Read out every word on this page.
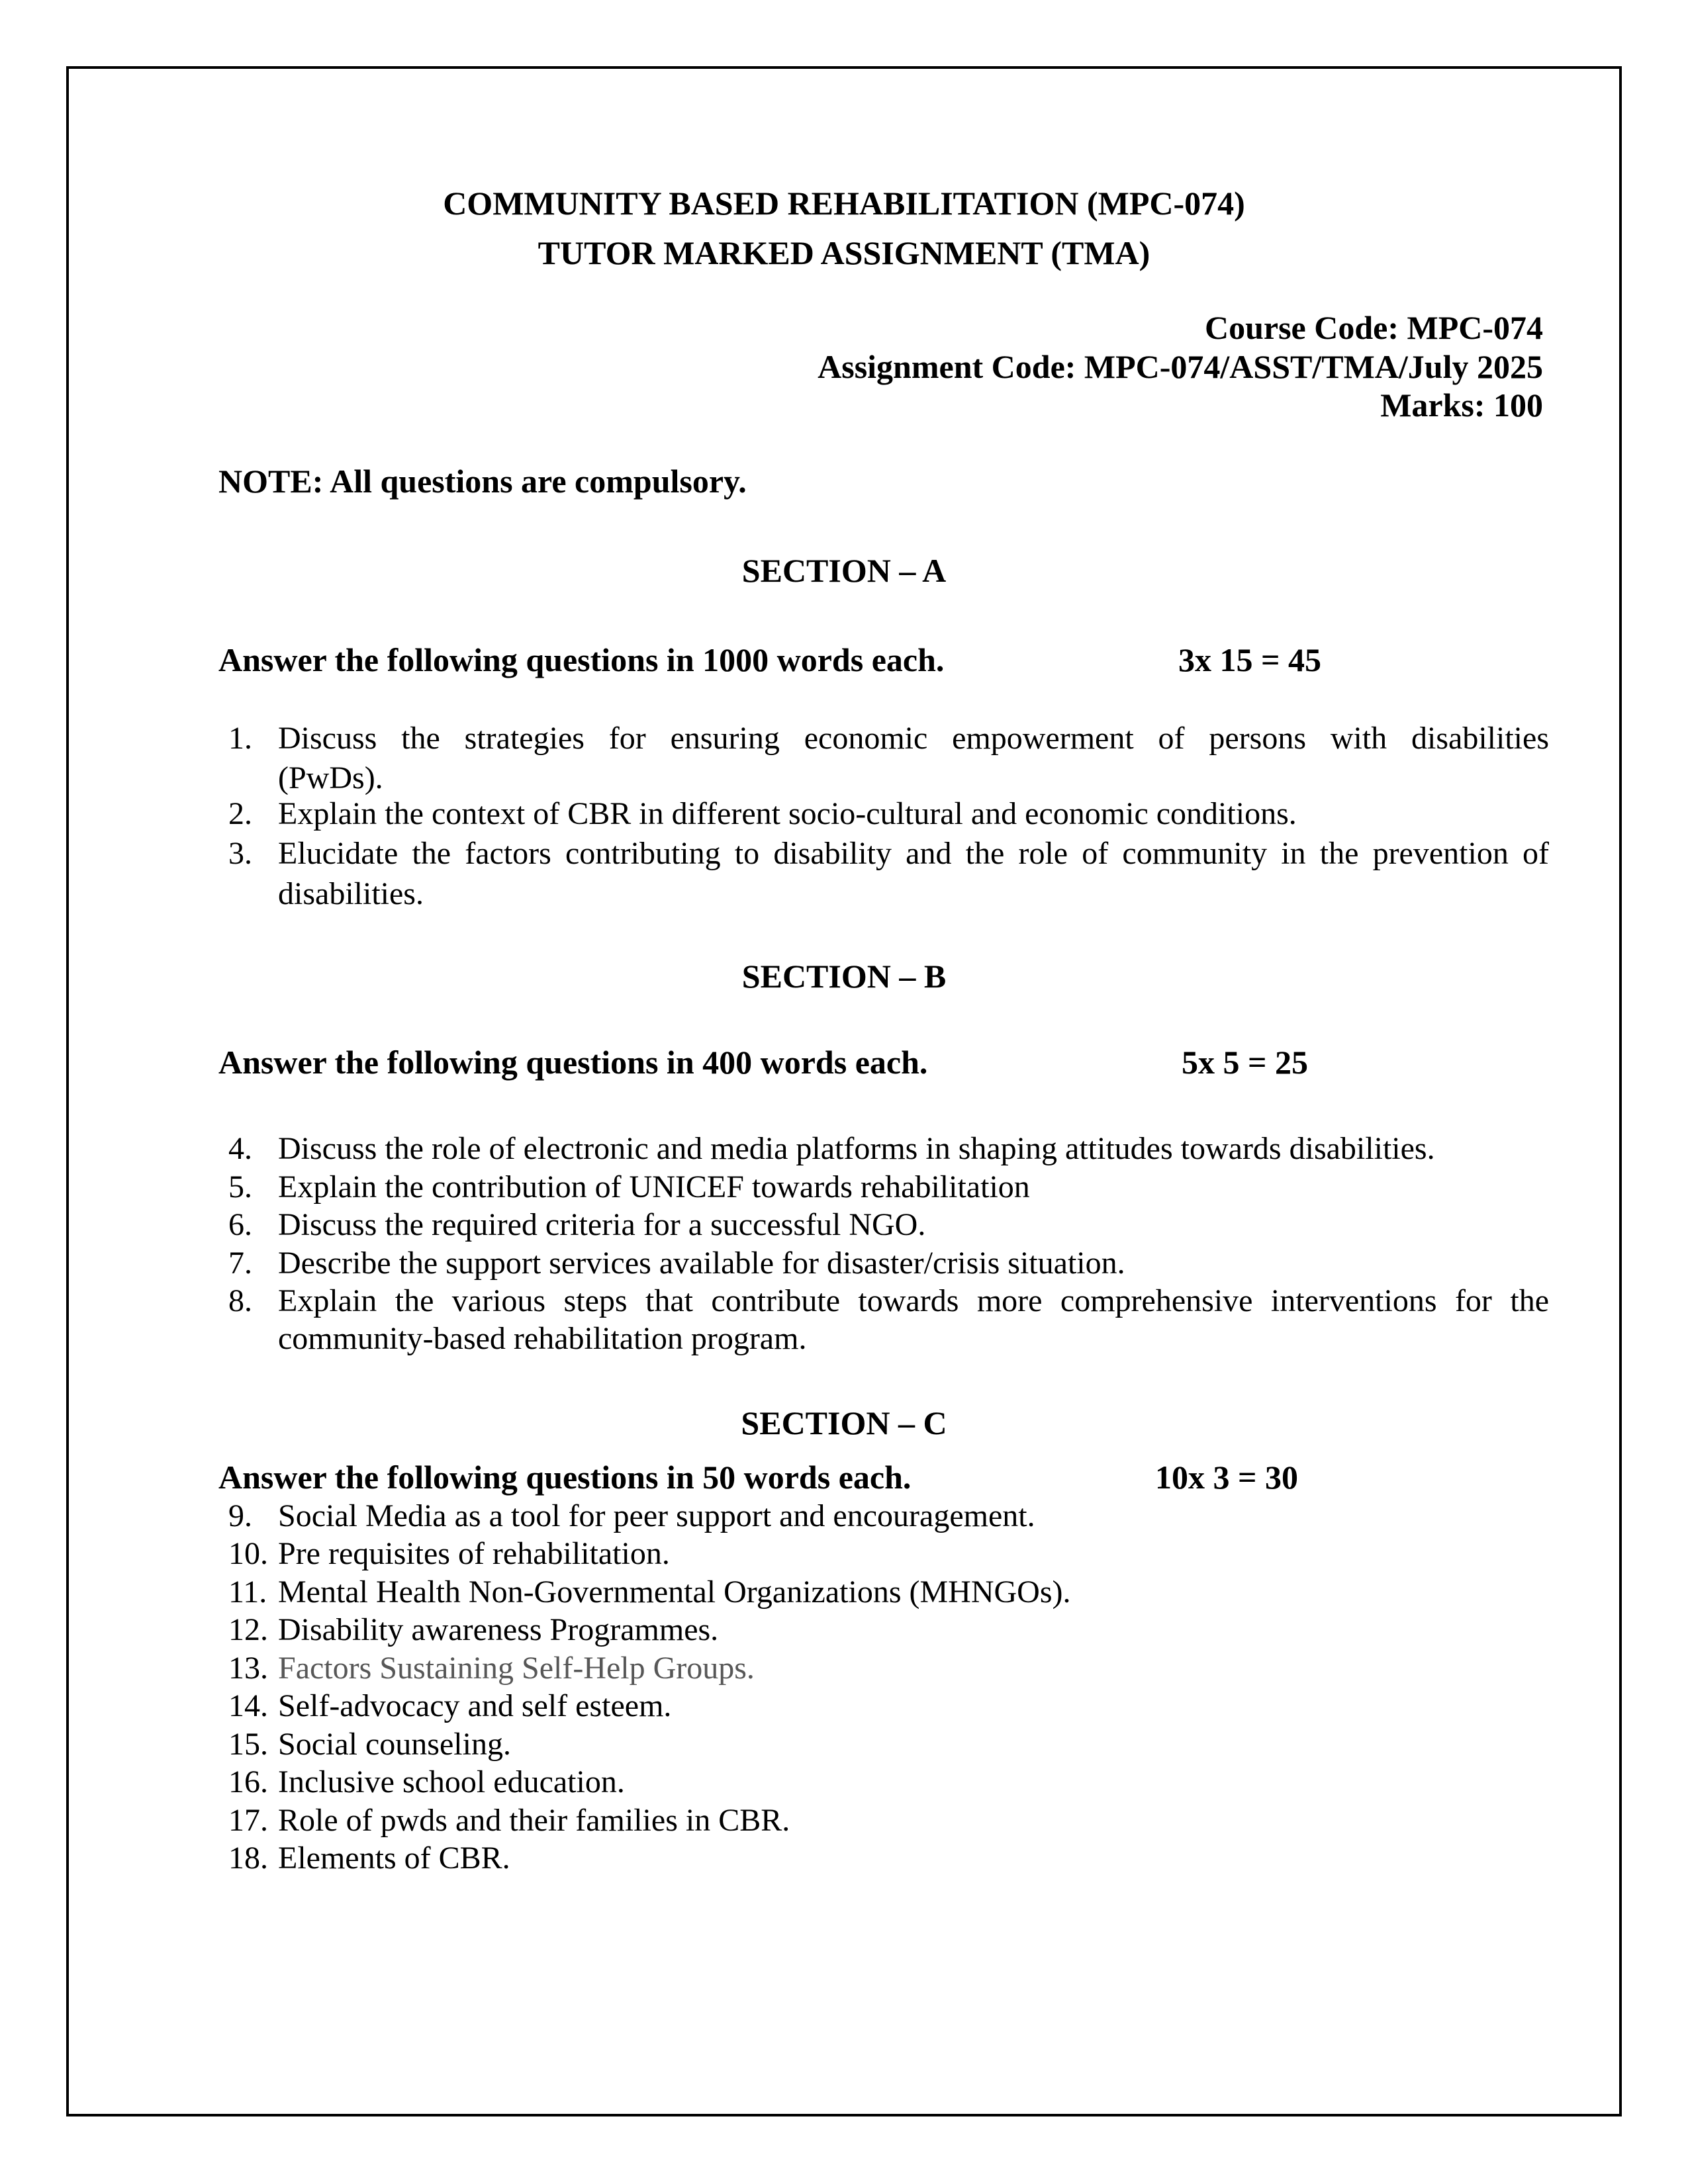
COMMUNITY BASED REHABILITATION (MPC-074)
TUTOR MARKED ASSIGNMENT (TMA)
Course Code: MPC-074
Assignment Code: MPC-074/ASST/TMA/July 2025
Marks: 100
NOTE: All questions are compulsory.
SECTION – A
Answer the following questions in 1000 words each.	3x 15 = 45
1. Discuss the strategies for ensuring economic empowerment of persons with disabilities
(PwDs).
2. Explain the context of CBR in different socio-cultural and economic conditions.
3. Elucidate the factors contributing to disability and the role of community in the prevention of
disabilities.
SECTION – B
Answer the following questions in 400 words each.	5x 5 = 25
4. Discuss the role of electronic and media platforms in shaping attitudes towards disabilities.
5. Explain the contribution of UNICEF towards rehabilitation
6. Discuss the required criteria for a successful NGO.
7. Describe the support services available for disaster/crisis situation.
8. Explain the various steps that contribute towards more comprehensive interventions for the
community-based rehabilitation program.
SECTION – C
Answer the following questions in 50 words each.	10x 3 = 30
9. Social Media as a tool for peer support and encouragement.
10. Pre requisites of rehabilitation.
11. Mental Health Non-Governmental Organizations (MHNGOs).
12. Disability awareness Programmes.
13. Factors Sustaining Self-Help Groups.
14. Self-advocacy and self esteem.
15. Social counseling.
16. Inclusive school education.
17. Role of pwds and their families in CBR.
18. Elements of CBR.
